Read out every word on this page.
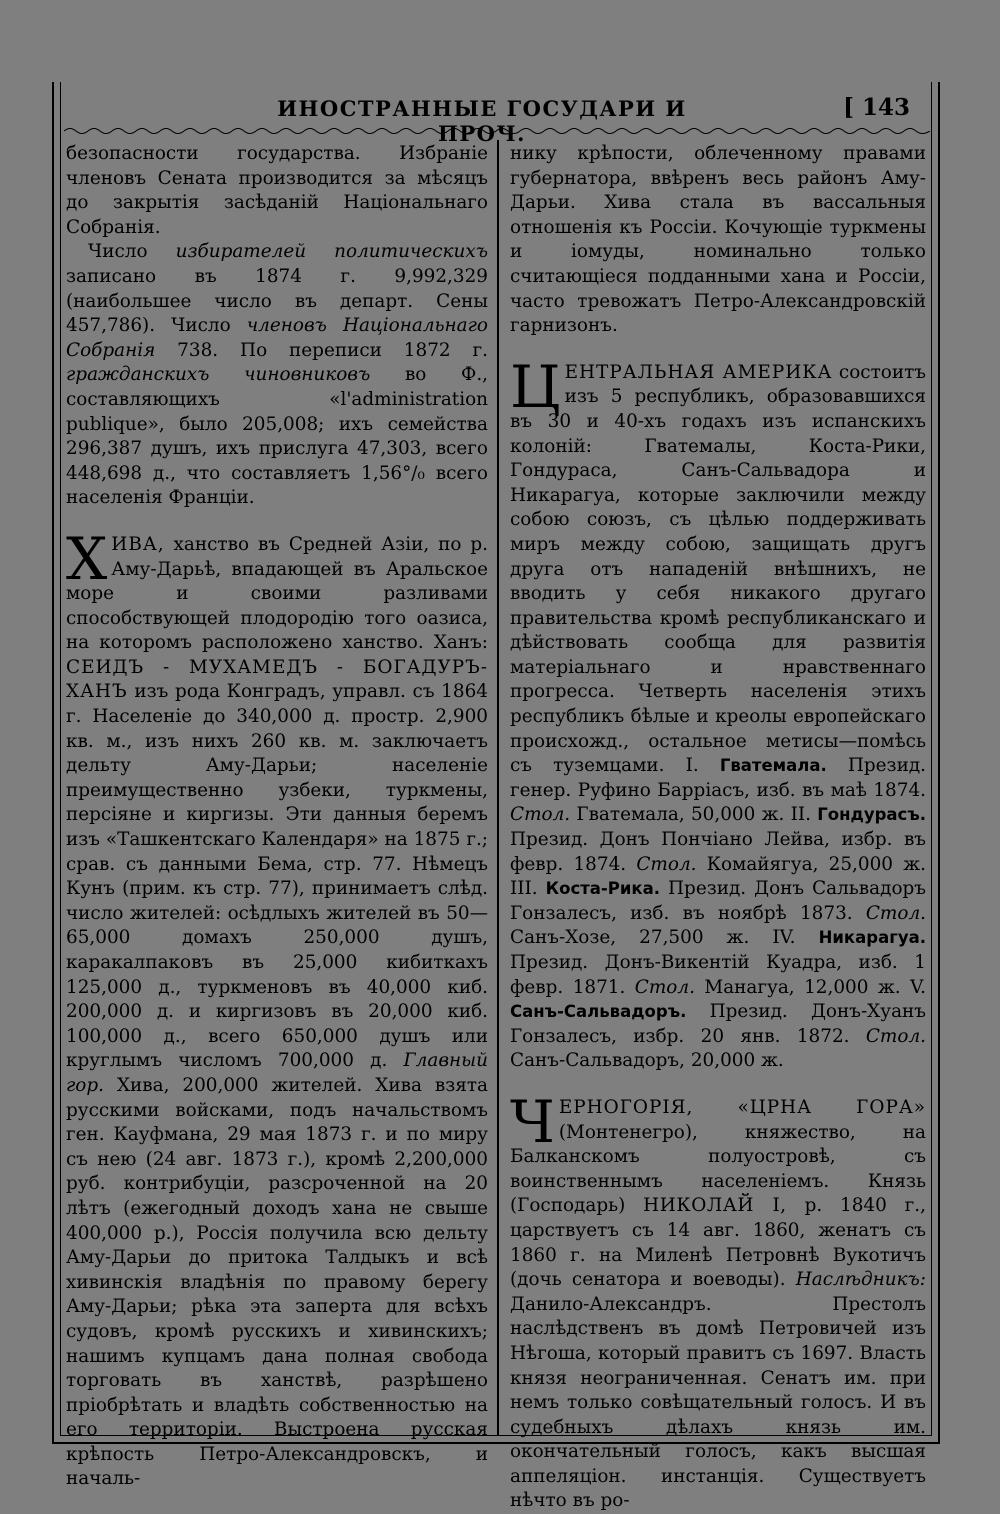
ИНОСТРАННЫЕ ГОСУДАРИ И ПРОЧ.
[ 143

безопасности государства. Избраніе членовъ Сената производится за мѣсяцъ до закрытія засѣданій Національнаго Собранія.

Число избирателей политическихъ записано въ 1874 г. 9,992,329 (наибольшее число въ департ. Сены 457,786). Число членовъ Національнаго Собранія 738. По переписи 1872 г. гражданскихъ чиновниковъ во Ф., составляющихъ «l'administration publique», было 205,008; ихъ семейства 296,387 душъ, ихъ прислуга 47,303, всего 448,698 д., что составляетъ 1,56°/₀ всего населенія Франціи.

ХИВА, ханство въ Средней Азіи, по р. Аму-Дарьѣ, впадающей въ Аральское море и своими разливами способствующей плодородію того оазиса, на которомъ расположено ханство. Ханъ: СЕИДЪ - МУХАМЕДЪ - БОГАДУРЪ-ХАНЪ изъ рода Конградъ, управл. съ 1864 г. Населеніе до 340,000 д. простр. 2,900 кв. м., изъ нихъ 260 кв. м. заключаетъ дельту Аму-Дарьи; населеніе преимущественно узбеки, туркмены, персіяне и киргизы. Эти данныя беремъ изъ «Ташкентскаго Календаря» на 1875 г.; срав. съ данными Бема, стр. 77. Нѣмецъ Кунъ (прим. къ стр. 77), принимаетъ слѣд. число жителей: осѣдлыхъ жителей въ 50—65,000 домахъ 250,000 душъ, каракалпаковъ въ 25,000 кибиткахъ 125,000 д., туркменовъ въ 40,000 киб. 200,000 д. и киргизовъ въ 20,000 киб. 100,000 д., всего 650,000 душъ или круглымъ числомъ 700,000 д. Главный гор. Хива, 200,000 жителей. Хива взята русскими войсками, подъ начальствомъ ген. Кауфмана, 29 мая 1873 г. и по миру съ нею (24 авг. 1873 г.), кромѣ 2,200,000 руб. контрибуціи, разсроченной на 20 лѣтъ (ежегодный доходъ хана не свыше 400,000 р.), Россія получила всю дельту Аму-Дарьи до притока Талдыкъ и всѣ хивинскія владѣнія по правому берегу Аму-Дарьи; рѣка эта заперта для всѣхъ судовъ, кромѣ русскихъ и хивинскихъ; нашимъ купцамъ дана полная свобода торговать въ ханствѣ, разрѣшено пріобрѣтать и владѣть собственностью на его территоріи. Выстроена русская крѣпость Петро-Александровскъ, и началь-

нику крѣпости, облеченному правами губернатора, ввѣренъ весь районъ Аму-Дарьи. Хива стала въ вассальныя отношенія къ Россіи. Кочующіе туркмены и іомуды, номинально только считающіеся подданными хана и Россіи, часто тревожатъ Петро-Александровскій гарнизонъ.

ЦЕНТРАЛЬНАЯ АМЕРИКА состоитъ изъ 5 республикъ, образовавшихся въ 30 и 40-хъ годахъ изъ испанскихъ колоній: Гватемалы, Коста-Рики, Гондураса, Санъ-Сальвадора и Никарагуа, которые заключили между собою союзъ, съ цѣлью поддерживать миръ между собою, защищать другъ друга отъ нападеній внѣшнихъ, не вводить у себя никакого другаго правительства кромѣ республиканскаго и дѣйствовать сообща для развитія матеріальнаго и нравственнаго прогресса. Четверть населенія этихъ республикъ бѣлые и креолы европейскаго происхожд., остальное метисы—помѣсь съ туземцами. I. Гватемала. Презид. генер. Руфино Баррiасъ, изб. въ маѣ 1874. Стол. Гватемала, 50,000 ж. II. Гондурасъ. Презид. Донъ Пончiано Лейва, избр. въ февр. 1874. Стол. Комайягуа, 25,000 ж. III. Коста-Рика. Презид. Донъ Сальвадоръ Гонзалесъ, изб. въ ноябрѣ 1873. Стол. Санъ-Хозе, 27,500 ж. IV. Никарагуа. Презид. Донъ-Викентiй Куадра, изб. 1 февр. 1871. Стол. Манагуа, 12,000 ж. V. Санъ-Сальвадоръ. Презид. Донъ-Хуанъ Гонзалесъ, избр. 20 янв. 1872. Стол. Санъ-Сальвадоръ, 20,000 ж.

ЧЕРНОГОРІЯ, «ЦРНА ГОРА» (Монтенегро), княжество, на Балканскомъ полуостровѣ, съ воинственнымъ населеніемъ. Князь (Господарь) НИКОЛАЙ I, р. 1840 г., царствуетъ съ 14 авг. 1860, женатъ съ 1860 г. на Миленѣ Петровнѣ Вукотичъ (дочь сенатора и воеводы). Наслѣдникъ: Данило-Александръ. Престолъ наслѣдственъ въ домѣ Петровичей изъ Нѣгоша, который правитъ съ 1697. Власть князя неограниченная. Сенатъ им. при немъ только совѣщательный голосъ. И въ судебныхъ дѣлахъ князь им. окончательный голосъ, какъ высшая аппеляціон. инстанція. Существуетъ нѣчто въ ро-
